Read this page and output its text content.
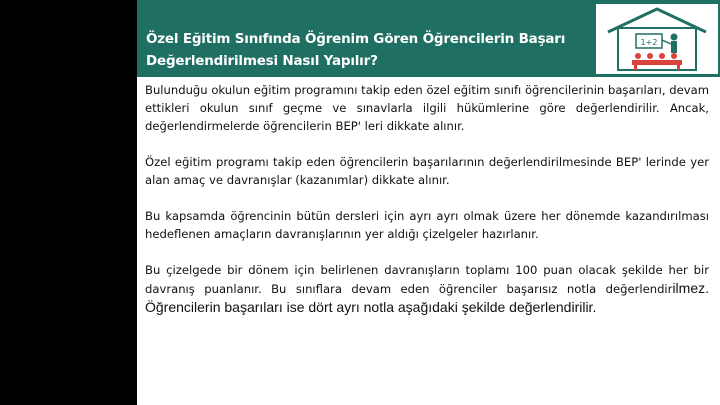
Özel Eğitim Sınıfında Öğrenim Gören Öğrencilerin Başarı
Değerlendirilmesi Nasıl Yapılır?
1+2

Bulunduğu okulun eğitim programını takip eden özel eğitim sınıfı öğrencilerinin başarıları, devam ettikleri okulun sınıf geçme ve sınavlarla ilgili hükümlerine göre değerlendirilir. Ancak, değerlendirmelerde öğrencilerin BEP' leri dikkate alınır.

Özel eğitim programı takip eden öğrencilerin başarılarının değerlendirilmesinde BEP' lerinde yer alan amaç ve davranışlar (kazanımlar) dikkate alınır.

Bu kapsamda öğrencinin bütün dersleri için ayrı ayrı olmak üzere her dönemde kazandırılması hedeflenen amaçların davranışlarının yer aldığı çizelgeler hazırlanır.

Bu çizelgede bir dönem için belirlenen davranışların toplamı 100 puan olacak şekilde her bir davranış puanlanır. Bu sınıflara devam eden öğrenciler başarısız notla değerlendirilmez. Öğrencilerin başarıları ise dört ayrı notla aşağıdaki şekilde değerlendirilir.
